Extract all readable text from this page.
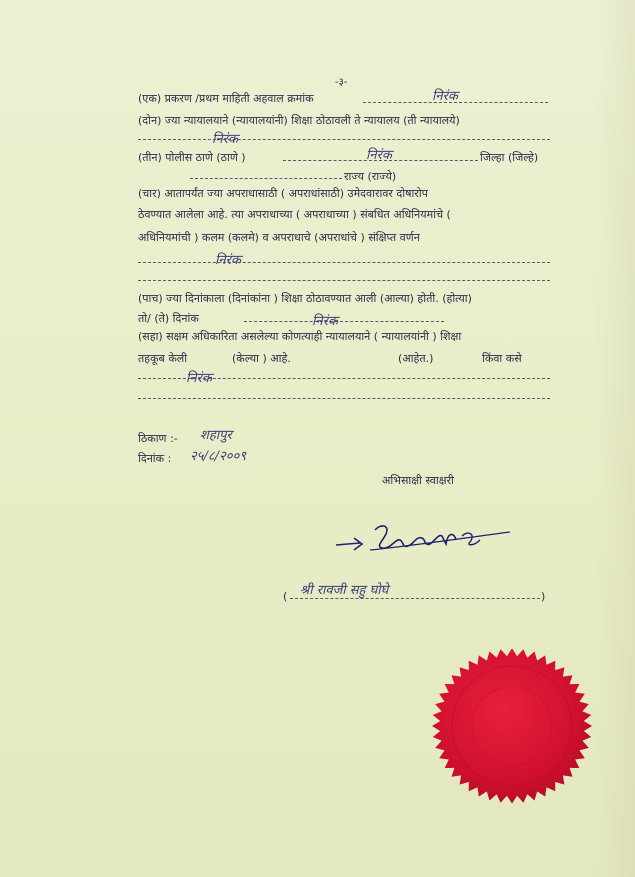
-३-
(एक) प्रकरण /प्रथम माहिती अहवाल क्रमांक	निरंक
(दोन) ज्या न्यायालयाने (न्यायालयांनी) शिक्षा ठोठावली ते न्यायालय (ती न्यायालये)
निरंक
(तीन) पोलीस ठाणे (ठाणे )	निरंक	जिल्हा (जिल्हे)
राज्य (राज्ये)
(चार) आतापर्यंत ज्या अपराधासाठी ( अपराधांसाठी) उमेदवारावर दोषारोप
ठेवण्यात आलेला आहे. त्या अपराधाच्या ( अपराधाच्या ) संबधित अधिनियमांचे (
अधिनियमांची ) कलम (कलमे) व अपराधाचे (अपराधांचे ) संक्षिप्त वर्णन
निरंक
(पाच) ज्या दिनांकाला (दिनांकांना ) शिक्षा ठोठावण्यात आली (आल्या) होती. (होत्या)
तो/ (ते) दिनांक	निरंक
(सहा) सक्षम अधिकारिता असलेल्या कोणत्याही न्यायालयाने ( न्यायालयांनी ) शिक्षा
तहकूब केली	(केल्या ) आहे.	(आहेत.)	किंवा कसे
निरंक
ठिकाण :- शहापुर
दिनांक : २५/८/२००९
अभिसाक्षी स्वाक्षरी
( श्री रावजी सहु घोघे	)
